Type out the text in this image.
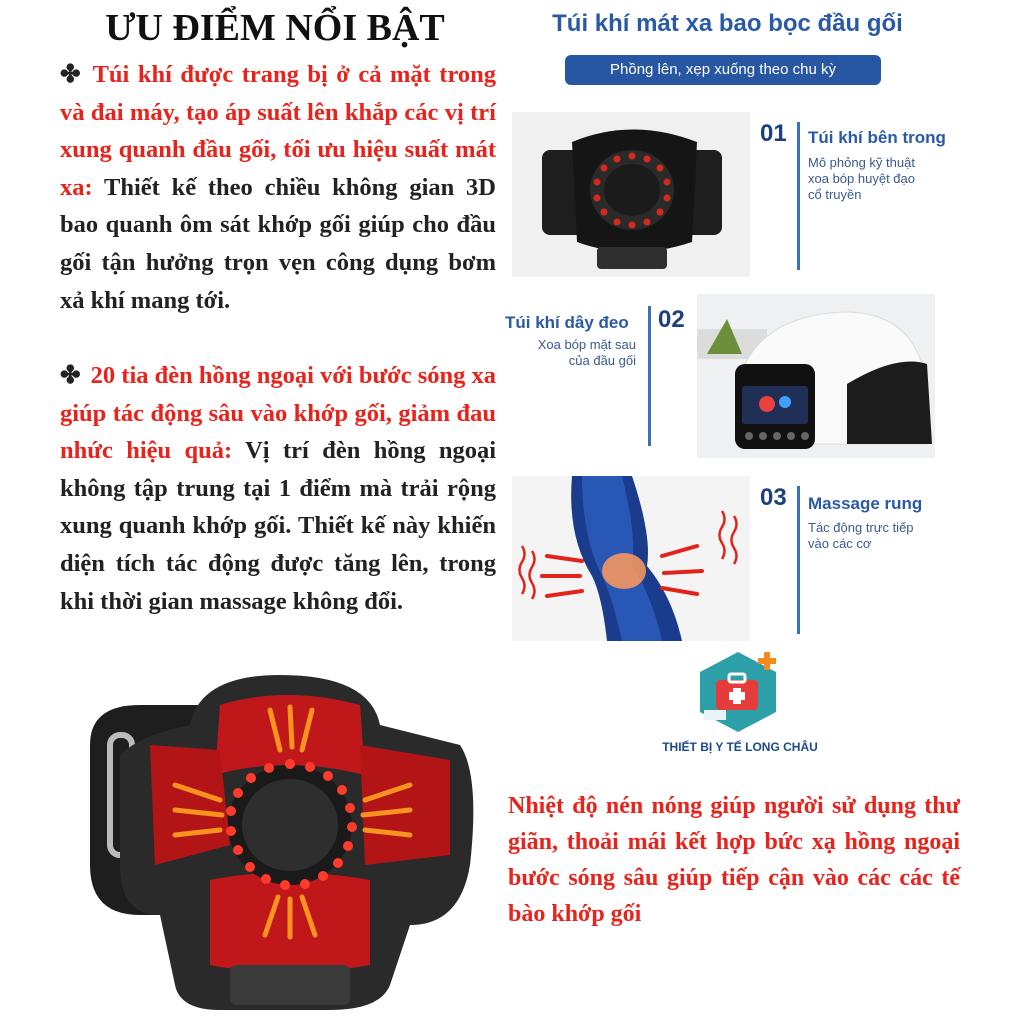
ƯU ĐIỂM NỔI BẬT
✤ Túi khí được trang bị ở cả mặt trong và đai máy, tạo áp suất lên khắp các vị trí xung quanh đầu gối, tối ưu hiệu suất mát xa: Thiết kế theo chiều không gian 3D bao quanh ôm sát khớp gối giúp cho đầu gối tận hưởng trọn vẹn công dụng bơm xả khí mang tới.
✤ 20 tia đèn hồng ngoại với bước sóng xa giúp tác động sâu vào khớp gối, giảm đau nhức hiệu quả: Vị trí đèn hồng ngoại không tập trung tại 1 điểm mà trải rộng xung quanh khớp gối. Thiết kế này khiến diện tích tác động được tăng lên, trong khi thời gian massage không đổi.
Túi khí mát xa bao bọc đầu gối
Phồng lên, xẹp xuống theo chu kỳ
01 Túi khí bên trong
Mô phỏng kỹ thuật
xoa bóp huyệt đạo
cổ truyền
Túi khí dây đeo
Xoa bóp mặt sau
của đầu gối
02
03 Massage rung
Tác động trực tiếp
vào các cơ
THIẾT BỊ Y TẾ LONG CHÂU
Nhiệt độ nén nóng giúp người sử dụng thư giãn, thoải mái kết hợp bức xạ hồng ngoại bước sóng sâu giúp tiếp cận vào các các tế bào khớp gối
